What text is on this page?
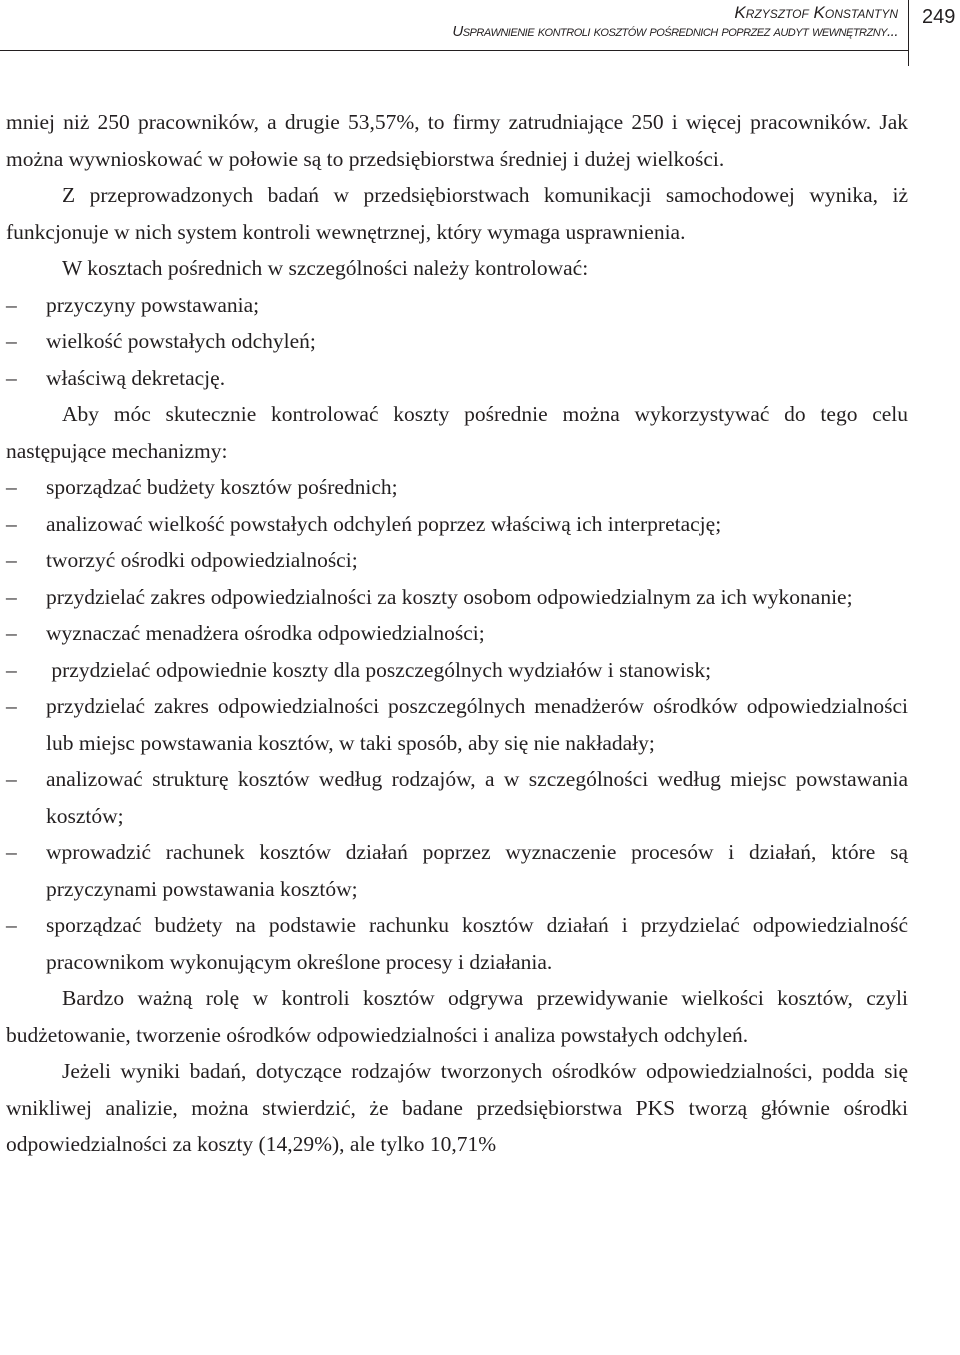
Krzysztof Konstantyn
Usprawnienie kontroli kosztów pośrednich poprzez audyt wewnętrzny...
249

mniej niż 250 pracowników, a drugie 53,57%, to firmy zatrudniające 250 i więcej pracowników. Jak można wywnioskować w połowie są to przedsiębiorstwa średniej i dużej wielkości.

Z przeprowadzonych badań w przedsiębiorstwach komunikacji samochodowej wynika, iż funkcjonuje w nich system kontroli wewnętrznej, który wymaga usprawnienia.

W kosztach pośrednich w szczególności należy kontrolować:

– przyczyny powstawania;
– wielkość powstałych odchyleń;
– właściwą dekretację.

Aby móc skutecznie kontrolować koszty pośrednie można wykorzystywać do tego celu następujące mechanizmy:

– sporządzać budżety kosztów pośrednich;
– analizować wielkość powstałych odchyleń poprzez właściwą ich interpretację;
– tworzyć ośrodki odpowiedzialności;
– przydzielać zakres odpowiedzialności za koszty osobom odpowiedzialnym za ich wykonanie;
– wyznaczać menadżera ośrodka odpowiedzialności;
– przydzielać odpowiednie koszty dla poszczególnych wydziałów i stanowisk;
– przydzielać zakres odpowiedzialności poszczególnych menadżerów ośrodków odpowiedzialności lub miejsc powstawania kosztów, w taki sposób, aby się nie nakładały;
– analizować strukturę kosztów według rodzajów, a w szczególności według miejsc powstawania kosztów;
– wprowadzić rachunek kosztów działań poprzez wyznaczenie procesów i działań, które są przyczynami powstawania kosztów;
– sporządzać budżety na podstawie rachunku kosztów działań i przydzielać odpowiedzialność pracownikom wykonującym określone procesy i działania.

Bardzo ważną rolę w kontroli kosztów odgrywa przewidywanie wielkości kosztów, czyli budżetowanie, tworzenie ośrodków odpowiedzialności i analiza powstałych odchyleń.

Jeżeli wyniki badań, dotyczące rodzajów tworzonych ośrodków odpowiedzialności, podda się wnikliwej analizie, można stwierdzić, że badane przedsiębiorstwa PKS tworzą głównie ośrodki odpowiedzialności za koszty (14,29%), ale tylko 10,71%
